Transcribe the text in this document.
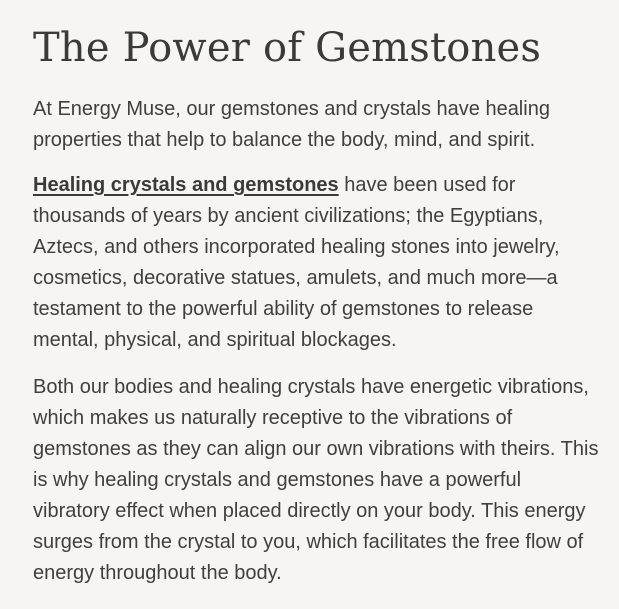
The Power of Gemstones

At Energy Muse, our gemstones and crystals have healing properties that help to balance the body, mind, and spirit.

Healing crystals and gemstones have been used for thousands of years by ancient civilizations; the Egyptians, Aztecs, and others incorporated healing stones into jewelry, cosmetics, decorative statues, amulets, and much more—a testament to the powerful ability of gemstones to release mental, physical, and spiritual blockages.

Both our bodies and healing crystals have energetic vibrations, which makes us naturally receptive to the vibrations of gemstones as they can align our own vibrations with theirs. This is why healing crystals and gemstones have a powerful vibratory effect when placed directly on your body. This energy surges from the crystal to you, which facilitates the free flow of energy throughout the body.
